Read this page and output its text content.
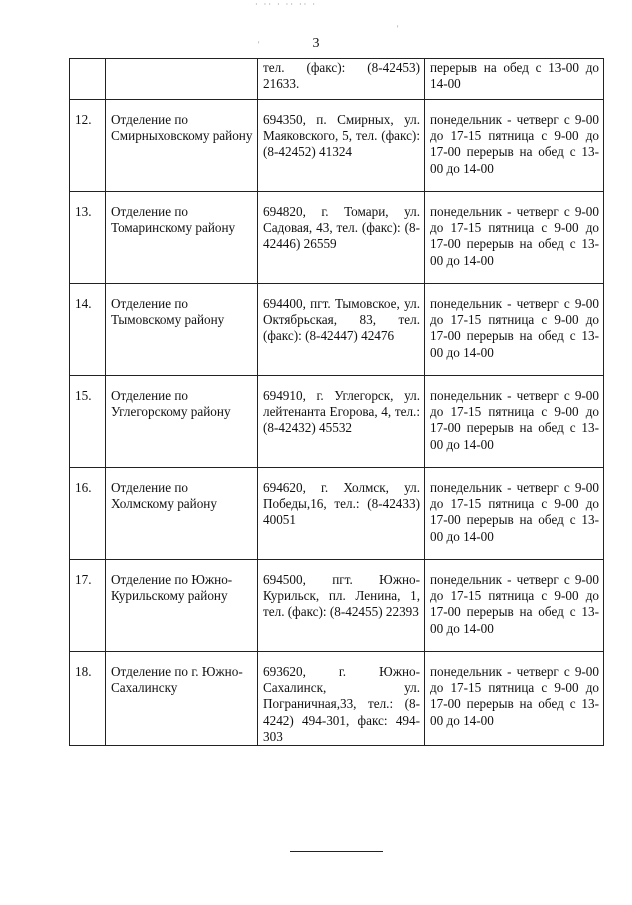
· ·· · ·· ·· ·
'
'
3
		тел. (факс): (8-42453) 21633.	перерыв на обед с 13-00 до 14-00
12.	Отделение по Смирныховскому району	694350, п. Смирных, ул. Маяковского, 5, тел. (факс): (8-42452) 41324	понедельник - четверг с 9-00 до 17-15 пятница с 9-00 до 17-00 перерыв на обед с 13-00 до 14-00
13.	Отделение по Томаринскому району	694820, г. Томари, ул. Садовая, 43, тел. (факс): (8-42446) 26559	понедельник - четверг с 9-00 до 17-15 пятница с 9-00 до 17-00 перерыв на обед с 13-00 до 14-00
14.	Отделение по Тымовскому району	694400, пгт. Тымовское, ул. Октябрьская, 83, тел. (факс): (8-42447) 42476	понедельник - четверг с 9-00 до 17-15 пятница с 9-00 до 17-00 перерыв на обед с 13-00 до 14-00
15.	Отделение по Углегорскому району	694910, г. Углегорск, ул. лейтенанта Егорова, 4, тел.: (8-42432) 45532	понедельник - четверг с 9-00 до 17-15 пятница с 9-00 до 17-00 перерыв на обед с 13-00 до 14-00
16.	Отделение по Холмскому району	694620, г. Холмск, ул. Победы,16, тел.: (8-42433) 40051	понедельник - четверг с 9-00 до 17-15 пятница с 9-00 до 17-00 перерыв на обед с 13-00 до 14-00
17.	Отделение по Южно-Курильскому району	694500, пгт. Южно-Курильск, пл. Ленина, 1, тел. (факс): (8-42455) 22393	понедельник - четверг с 9-00 до 17-15 пятница с 9-00 до 17-00 перерыв на обед с 13-00 до 14-00
18.	Отделение по г. Южно-Сахалинску	693620, г. Южно-Сахалинск, ул. Пограничная,33, тел.: (8-4242) 494-301, факс: 494-303	понедельник - четверг с 9-00 до 17-15 пятница с 9-00 до 17-00 перерыв на обед с 13-00 до 14-00
